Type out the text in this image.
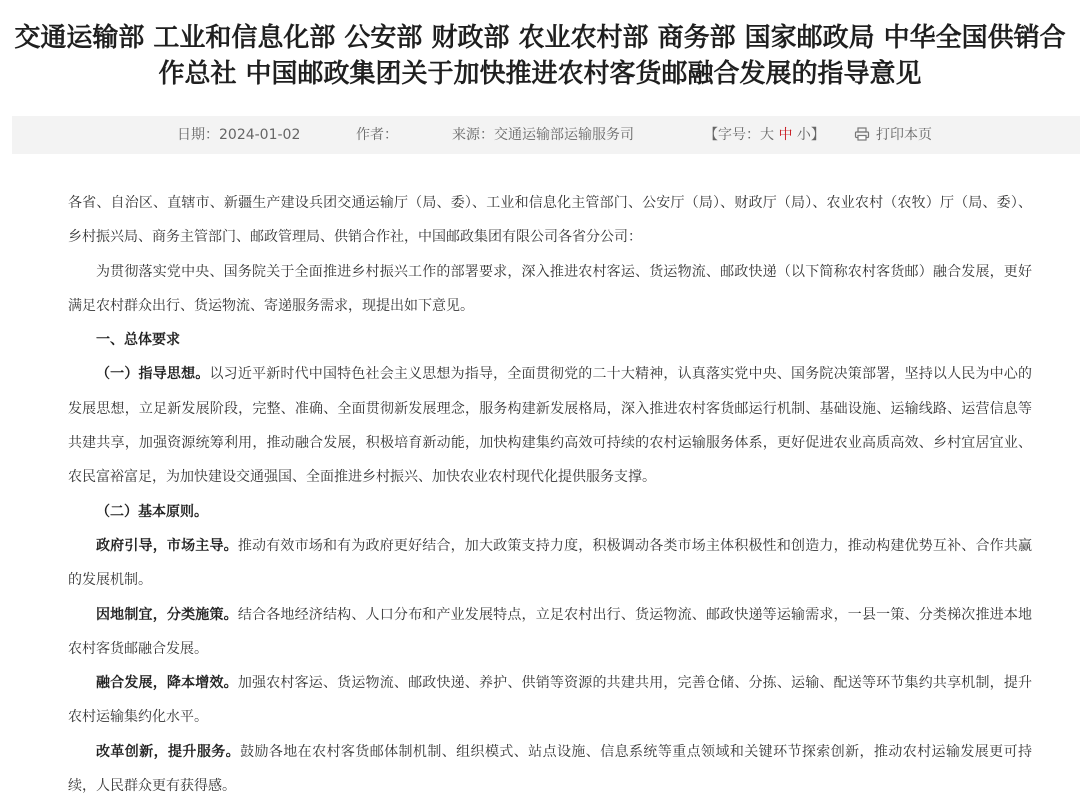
交通运输部 工业和信息化部 公安部 财政部 农业农村部 商务部 国家邮政局 中华全国供销合
作总社 中国邮政集团关于加快推进农村客货邮融合发展的指导意见
日期：2024-01-02	作者：	来源：交通运输部运输服务司	【字号：大 中 小】	打印本页

各省、自治区、直辖市、新疆生产建设兵团交通运输厅（局、委）、工业和信息化主管部门、公安厅（局）、财政厅（局）、农业农村（农牧）厅（局、委）、乡村振兴局、商务主管部门、邮政管理局、供销合作社，中国邮政集团有限公司各省分公司：

为贯彻落实党中央、国务院关于全面推进乡村振兴工作的部署要求，深入推进农村客运、货运物流、邮政快递（以下简称农村客货邮）融合发展，更好满足农村群众出行、货运物流、寄递服务需求，现提出如下意见。

一、总体要求

（一）指导思想。以习近平新时代中国特色社会主义思想为指导，全面贯彻党的二十大精神，认真落实党中央、国务院决策部署，坚持以人民为中心的发展思想，立足新发展阶段，完整、准确、全面贯彻新发展理念，服务构建新发展格局，深入推进农村客货邮运行机制、基础设施、运输线路、运营信息等共建共享，加强资源统筹利用，推动融合发展，积极培育新动能，加快构建集约高效可持续的农村运输服务体系，更好促进农业高质高效、乡村宜居宜业、农民富裕富足，为加快建设交通强国、全面推进乡村振兴、加快农业农村现代化提供服务支撑。

（二）基本原则。

政府引导，市场主导。推动有效市场和有为政府更好结合，加大政策支持力度，积极调动各类市场主体积极性和创造力，推动构建优势互补、合作共赢的发展机制。

因地制宜，分类施策。结合各地经济结构、人口分布和产业发展特点，立足农村出行、货运物流、邮政快递等运输需求，一县一策、分类梯次推进本地农村客货邮融合发展。

融合发展，降本增效。加强农村客运、货运物流、邮政快递、养护、供销等资源的共建共用，完善仓储、分拣、运输、配送等环节集约共享机制，提升农村运输集约化水平。

改革创新，提升服务。鼓励各地在农村客货邮体制机制、组织模式、站点设施、信息系统等重点领域和关键环节探索创新，推动农村运输发展更可持续，人民群众更有获得感。
